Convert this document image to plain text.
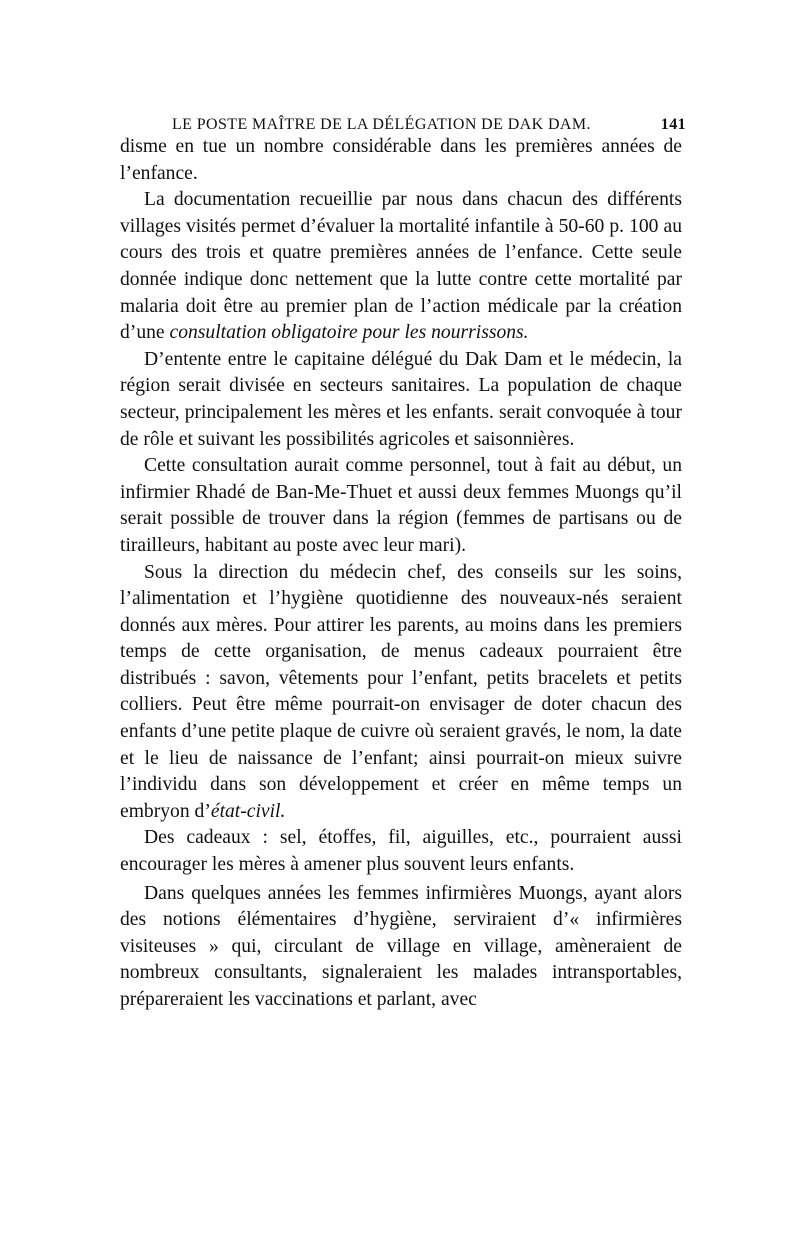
LE POSTE MAÎTRE DE LA DÉLÉGATION DE DAK DAM.	141

disme en tue un nombre considérable dans les premières années de l’enfance.

La documentation recueillie par nous dans chacun des différents villages visités permet d’évaluer la mortalité infantile à 50-60 p. 100 au cours des trois et quatre premières années de l’enfance. Cette seule donnée indique donc nettement que la lutte contre cette mortalité par malaria doit être au premier plan de l’action médicale par la création d’une consultation obligatoire pour les nourrissons.

D’entente entre le capitaine délégué du Dak Dam et le médecin, la région serait divisée en secteurs sanitaires. La population de chaque secteur, principalement les mères et les enfants. serait convoquée à tour de rôle et suivant les possibilités agricoles et saisonnières.

Cette consultation aurait comme personnel, tout à fait au début, un infirmier Rhadé de Ban-Me-Thuet et aussi deux femmes Muongs qu’il serait possible de trouver dans la région (femmes de partisans ou de tirailleurs, habitant au poste avec leur mari).

Sous la direction du médecin chef, des conseils sur les soins, l’alimentation et l’hygiène quotidienne des nouveaux-nés seraient donnés aux mères. Pour attirer les parents, au moins dans les premiers temps de cette organisation, de menus cadeaux pourraient être distribués : savon, vêtements pour l’enfant, petits bracelets et petits colliers. Peut être même pourrait-on envisager de doter chacun des enfants d’une petite plaque de cuivre où seraient gravés, le nom, la date et le lieu de naissance de l’enfant; ainsi pourrait-on mieux suivre l’individu dans son développement et créer en même temps un embryon d’état-civil.

Des cadeaux : sel, étoffes, fil, aiguilles, etc., pourraient aussi encourager les mères à amener plus souvent leurs enfants.

Dans quelques années les femmes infirmières Muongs, ayant alors des notions élémentaires d’hygiène, serviraient d’« infirmières visiteuses » qui, circulant de village en village, amèneraient de nombreux consultants, signaleraient les malades intransportables, prépareraient les vaccinations et parlant, avec
